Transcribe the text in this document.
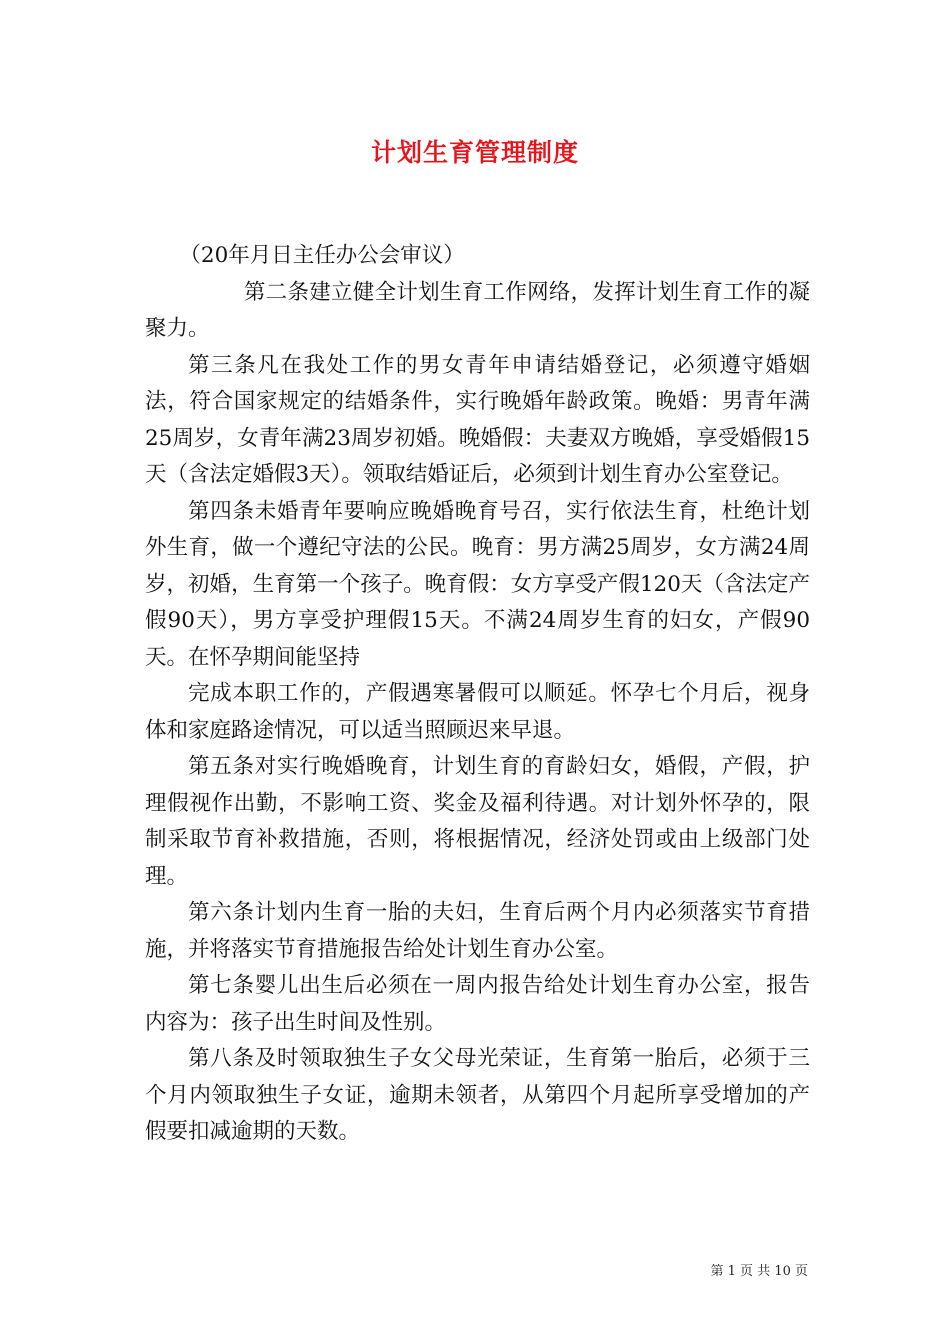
计划生育管理制度

（20年月日主任办公会审议）

第二条建立健全计划生育工作网络，发挥计划生育工作的凝聚力。

第三条凡在我处工作的男女青年申请结婚登记，必须遵守婚姻法，符合国家规定的结婚条件，实行晚婚年龄政策。晚婚：男青年满25周岁，女青年满23周岁初婚。晚婚假：夫妻双方晚婚，享受婚假15天（含法定婚假3天）。领取结婚证后，必须到计划生育办公室登记。

第四条未婚青年要响应晚婚晚育号召，实行依法生育，杜绝计划外生育，做一个遵纪守法的公民。晚育：男方满25周岁，女方满24周岁，初婚，生育第一个孩子。晚育假：女方享受产假120天（含法定产假90天），男方享受护理假15天。不满24周岁生育的妇女，产假90天。在怀孕期间能坚持

完成本职工作的，产假遇寒暑假可以顺延。怀孕七个月后，视身体和家庭路途情况，可以适当照顾迟来早退。

第五条对实行晚婚晚育，计划生育的育龄妇女，婚假，产假，护理假视作出勤，不影响工资、奖金及福利待遇。对计划外怀孕的，限制采取节育补救措施，否则，将根据情况，经济处罚或由上级部门处理。

第六条计划内生育一胎的夫妇，生育后两个月内必须落实节育措施，并将落实节育措施报告给处计划生育办公室。

第七条婴儿出生后必须在一周内报告给处计划生育办公室，报告内容为：孩子出生时间及性别。

第八条及时领取独生子女父母光荣证，生育第一胎后，必须于三个月内领取独生子女证，逾期未领者，从第四个月起所享受增加的产假要扣减逾期的天数。

第 1 页 共 10 页
